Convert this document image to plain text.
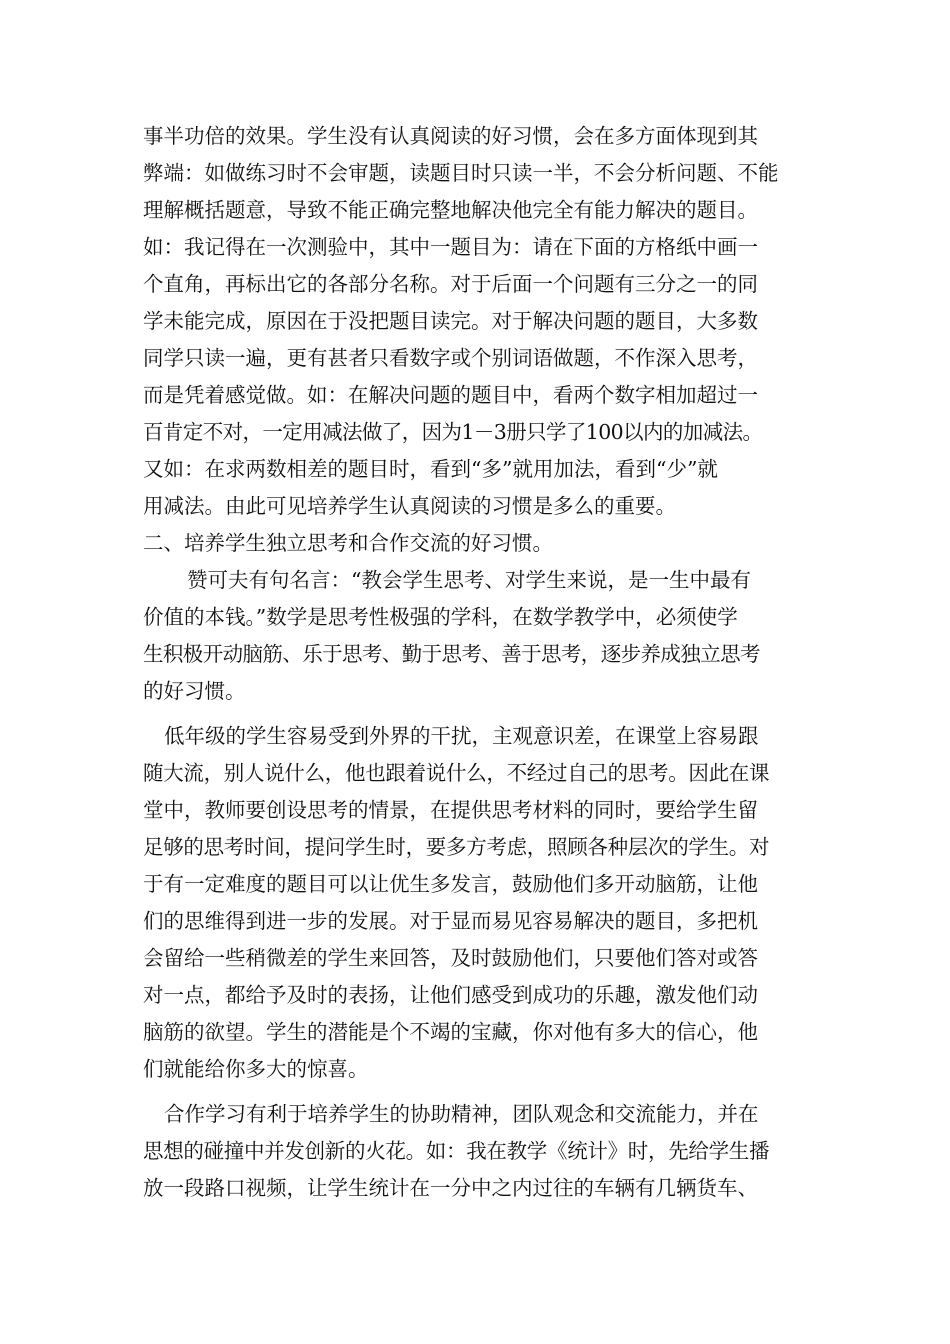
事半功倍的效果。学生没有认真阅读的好习惯，会在多方面体现到其
弊端：如做练习时不会审题，读题目时只读一半，不会分析问题、不能
理解概括题意，导致不能正确完整地解决他完全有能力解决的题目。
如：我记得在一次测验中，其中一题目为：请在下面的方格纸中画一
个直角，再标出它的各部分名称。对于后面一个问题有三分之一的同
学未能完成，原因在于没把题目读完。对于解决问题的题目，大多数
同学只读一遍，更有甚者只看数字或个别词语做题，不作深入思考，
而是凭着感觉做。如：在解决问题的题目中，看两个数字相加超过一
百肯定不对，一定用减法做了，因为1－3册只学了100以内的加减法。
又如：在求两数相差的题目时，看到“多”就用加法，看到“少”就
用减法。由此可见培养学生认真阅读的习惯是多么的重要。
二、培养学生独立思考和合作交流的好习惯。
赞可夫有句名言：“教会学生思考、对学生来说，是一生中最有
价值的本钱。”数学是思考性极强的学科，在数学教学中，必须使学
生积极开动脑筋、乐于思考、勤于思考、善于思考，逐步养成独立思考
的好习惯。
低年级的学生容易受到外界的干扰，主观意识差，在课堂上容易跟
随大流，别人说什么，他也跟着说什么，不经过自己的思考。因此在课
堂中，教师要创设思考的情景，在提供思考材料的同时，要给学生留
足够的思考时间，提问学生时，要多方考虑，照顾各种层次的学生。对
于有一定难度的题目可以让优生多发言，鼓励他们多开动脑筋，让他
们的思维得到进一步的发展。对于显而易见容易解决的题目，多把机
会留给一些稍微差的学生来回答，及时鼓励他们，只要他们答对或答
对一点，都给予及时的表扬，让他们感受到成功的乐趣，激发他们动
脑筋的欲望。学生的潜能是个不竭的宝藏，你对他有多大的信心，他
们就能给你多大的惊喜。
合作学习有利于培养学生的协助精神，团队观念和交流能力，并在
思想的碰撞中并发创新的火花。如：我在教学《统计》时，先给学生播
放一段路口视频，让学生统计在一分中之内过往的车辆有几辆货车、
